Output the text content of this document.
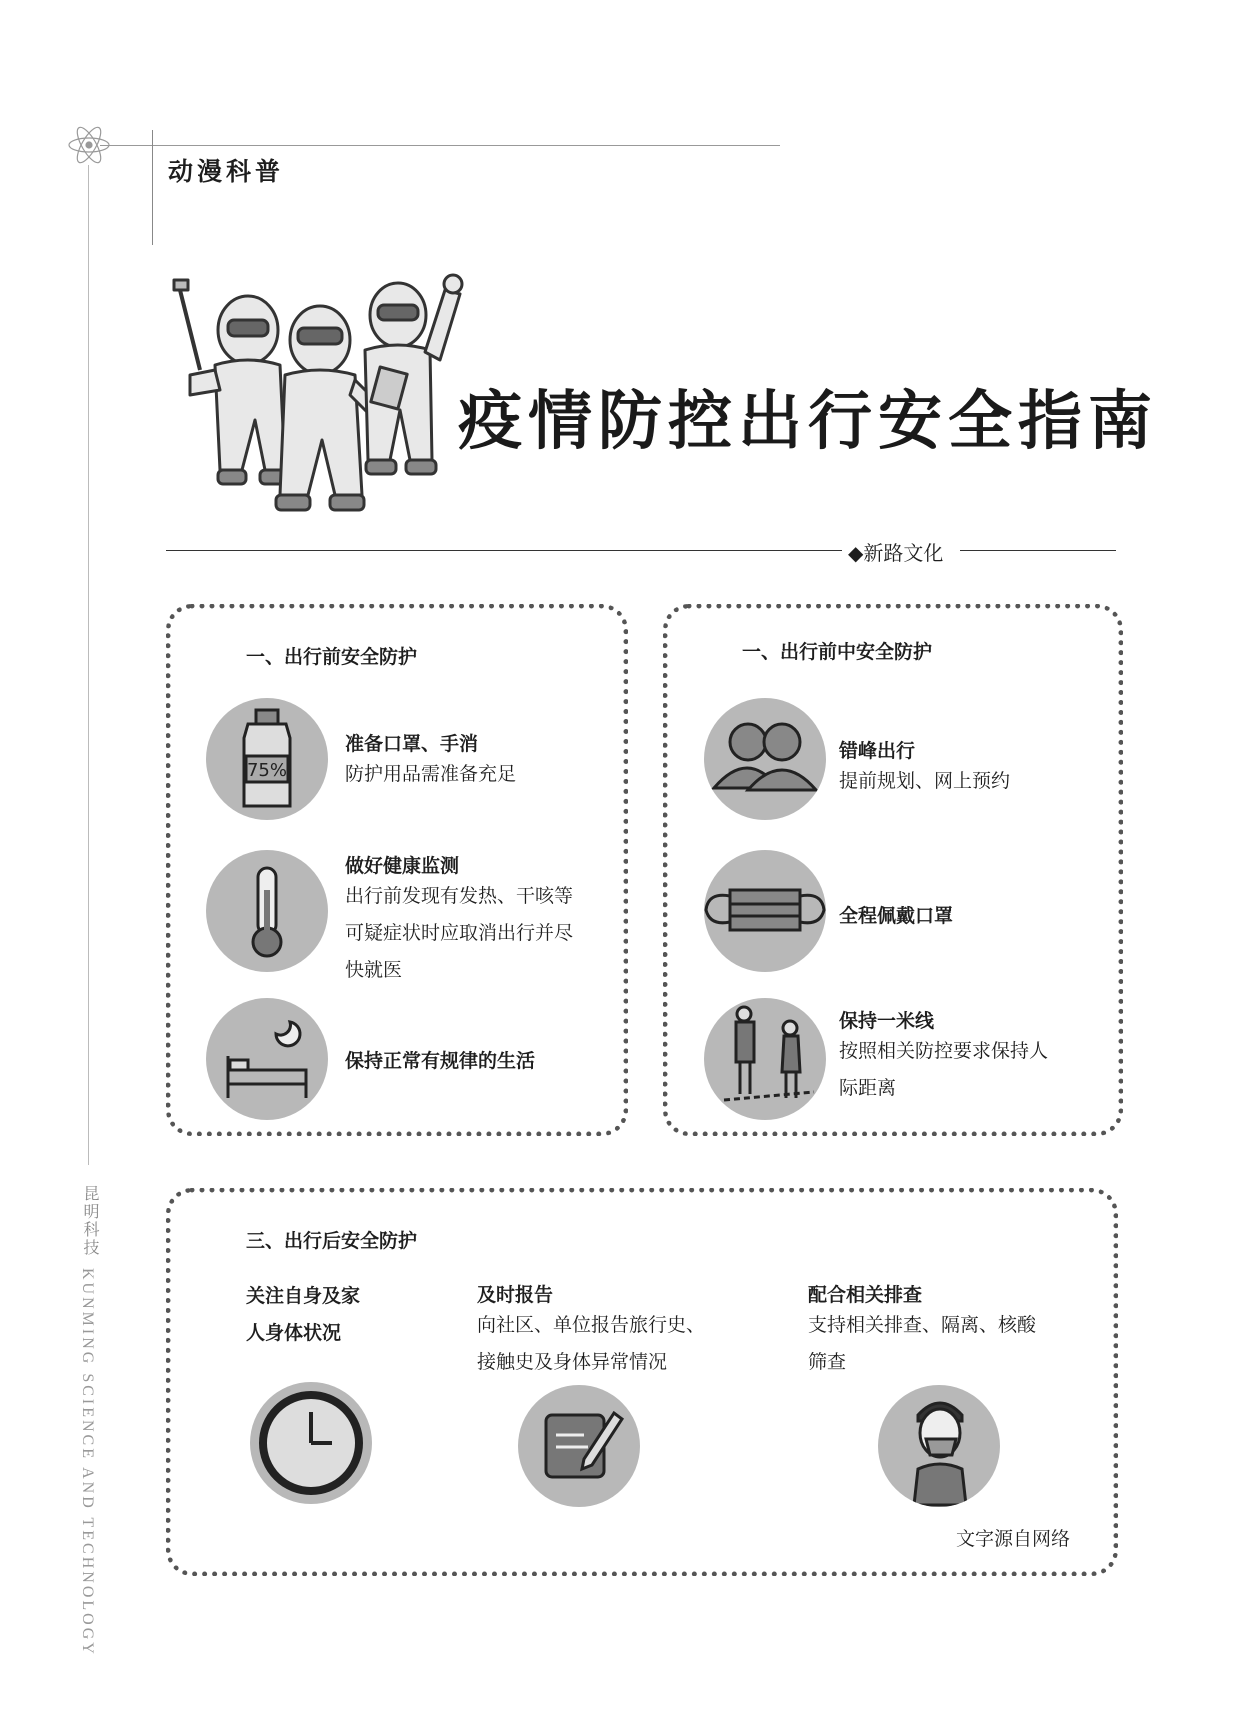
动漫科普
昆明科技
KUNMING SCIENCE AND TECHNOLOGY
疫情防控出行安全指南
◆新路文化
一、出行前安全防护
75%
准备口罩、手消
防护用品需准备充足
做好健康监测
出行前发现有发热、干咳等
可疑症状时应取消出行并尽
快就医
保持正常有规律的生活
一、出行前中安全防护
错峰出行
提前规划、网上预约
全程佩戴口罩
保持一米线
按照相关防控要求保持人
际距离
三、出行后安全防护
关注自身及家
人身体状况
及时报告
向社区、单位报告旅行史、
接触史及身体异常情况
配合相关排查
支持相关排查、隔离、核酸
筛查
文字源自网络
